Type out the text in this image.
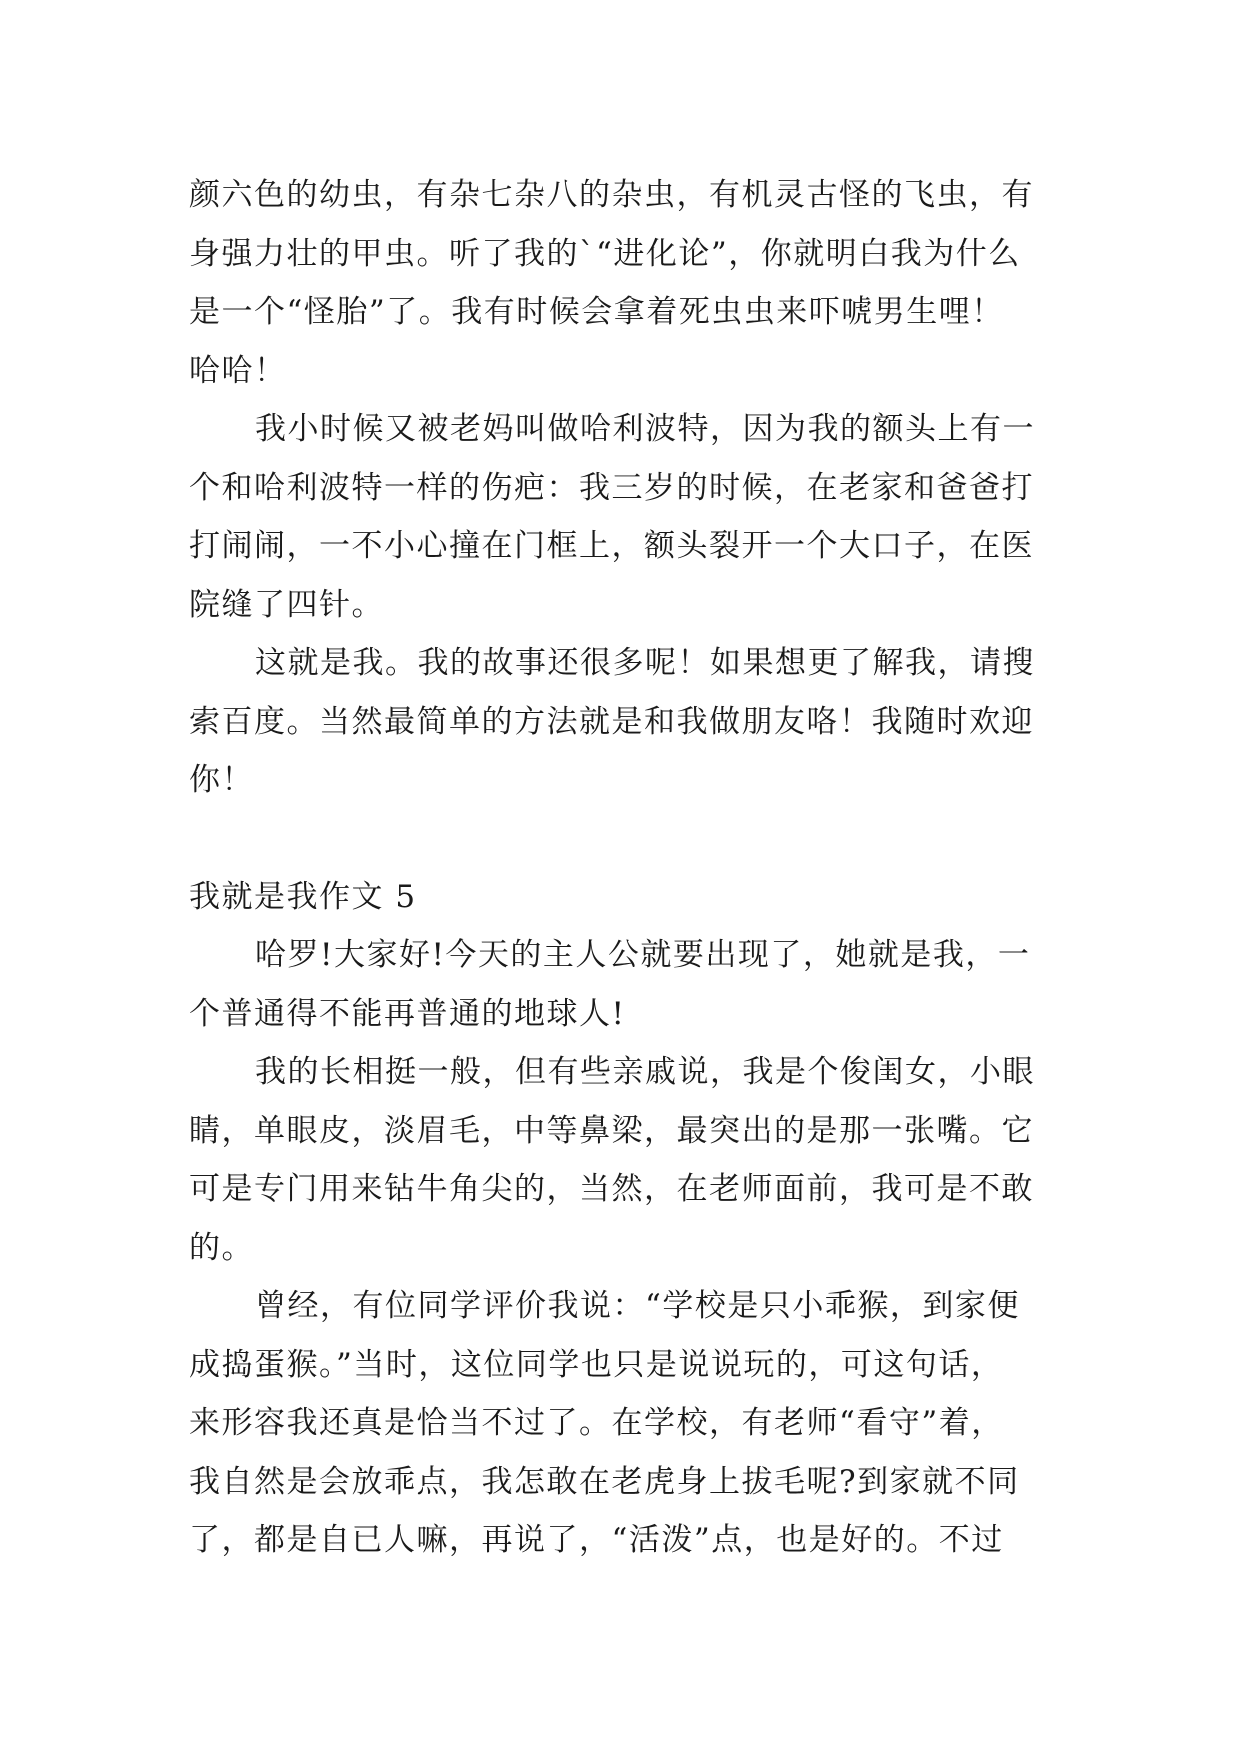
颜六色的幼虫，有杂七杂八的杂虫，有机灵古怪的飞虫，有
身强力壮的甲虫。听了我的`“进化论”，你就明白我为什么
是一个“怪胎”了。我有时候会拿着死虫虫来吓唬男生哩！
哈哈！

我小时候又被老妈叫做哈利波特，因为我的额头上有一
个和哈利波特一样的伤疤：我三岁的时候，在老家和爸爸打
打闹闹，一不小心撞在门框上，额头裂开一个大口子，在医
院缝了四针。

这就是我。我的故事还很多呢！如果想更了解我，请搜
索百度。当然最简单的方法就是和我做朋友咯！我随时欢迎
你！

我就是我作文 5

哈罗!大家好!今天的主人公就要出现了，她就是我，一
个普通得不能再普通的地球人!

我的长相挺一般，但有些亲戚说，我是个俊闺女，小眼
睛，单眼皮，淡眉毛，中等鼻梁，最突出的是那一张嘴。它
可是专门用来钻牛角尖的，当然，在老师面前，我可是不敢
的。

曾经，有位同学评价我说：“学校是只小乖猴，到家便
成捣蛋猴。”当时，这位同学也只是说说玩的，可这句话，
来形容我还真是恰当不过了。在学校，有老师“看守”着，
我自然是会放乖点，我怎敢在老虎身上拔毛呢?到家就不同
了，都是自已人嘛，再说了，“活泼”点，也是好的。不过
